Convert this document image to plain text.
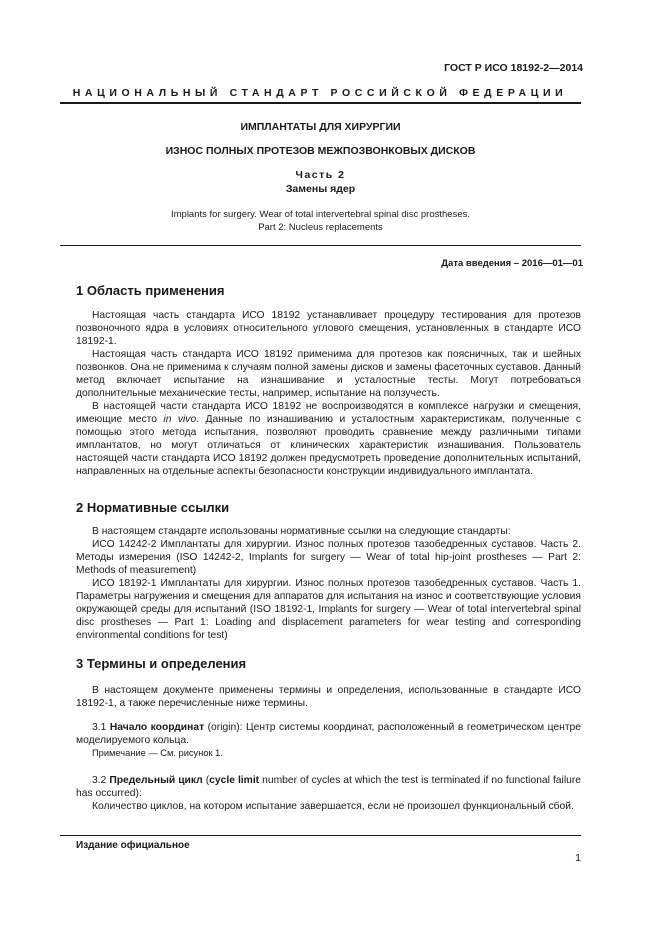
ГОСТ Р ИСО 18192-2—2014
НАЦИОНАЛЬНЫЙ СТАНДАРТ РОССИЙСКОЙ ФЕДЕРАЦИИ
ИМПЛАНТАТЫ ДЛЯ ХИРУРГИИ
ИЗНОС ПОЛНЫХ ПРОТЕЗОВ МЕЖПОЗВОНКОВЫХ ДИСКОВ
Часть 2
Замены ядер
Implants for surgery. Wear of total intervertebral spinal disc prostheses.
Part 2: Nucleus replacements
Дата введения – 2016—01—01
1 Область применения

Настоящая часть стандарта ИСО 18192 устанавливает процедуру тестирования для протезов позвоночного ядра в условиях относительного углового смещения, установленных в стандарте ИСО 18192-1.

Настоящая часть стандарта ИСО 18192 применима для протезов как поясничных, так и шейных позвонков. Она не применима к случаям полной замены дисков и замены фасеточных суставов. Данный метод включает испытание на изнашивание и усталостные тесты. Могут потребоваться дополнительные механические тесты, например, испытание на ползучесть.

В настоящей части стандарта ИСО 18192 не воспроизводятся в комплексе нагрузки и смещения, имеющие место in vivo. Данные по изнашиванию и усталостным характеристикам, полученные с помощью этого метода испытания, позволяют проводить сравнение между различными типами имплантатов, но могут отличаться от клинических характеристик изнашивания. Пользователь настоящей части стандарта ИСО 18192 должен предусмотреть проведение дополнительных испытаний, направленных на отдельные аспекты безопасности конструкции индивидуального имплантата.

2 Нормативные ссылки

В настоящем стандарте использованы нормативные ссылки на следующие стандарты:

ИСО 14242-2 Имплантаты для хирургии. Износ полных протезов тазобедренных суставов. Часть 2. Методы измерения (ISO 14242-2, Implants for surgery — Wear of total hip-joint prostheses — Part 2: Methods of measurement)

ИСО 18192-1 Имплантаты для хирургии. Износ полных протезов тазобедренных суставов. Часть 1. Параметры нагружения и смещения для аппаратов для испытания на износ и соответствующие условия окружающей среды для испытаний (ISO 18192-1, Implants for surgery — Wear of total intervertebral spinal disc prostheses — Part 1: Loading and displacement parameters for wear testing and corresponding environmental conditions for test)

3 Термины и определения

В настоящем документе применены термины и определения, использованные в стандарте ИСО 18192-1, а также перечисленные ниже термины.

3.1 Начало координат (origin): Центр системы координат, расположенный в геометрическом центре моделируемого кольца.

Примечание — См. рисунок 1.

3.2 Предельный цикл (cycle limit number of cycles at which the test is terminated if no functional failure has occurred):

Количество циклов, на котором испытание завершается, если не произошел функциональный сбой.

Издание официальное
1
